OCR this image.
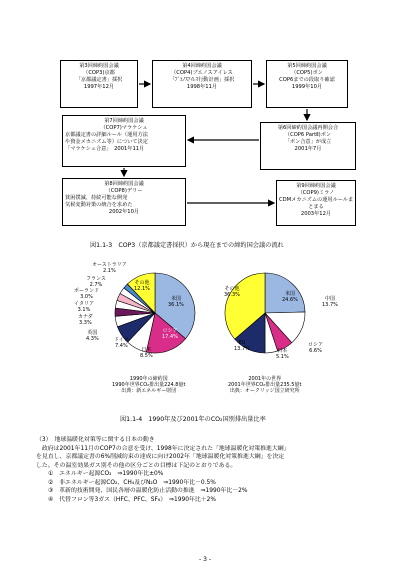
第3回締約国会議
（COP3)京都
「京都議定書」採択
1997年12月
第4回締約国会議
（COP4)ブエノスアイレス
「ﾌﾞｴﾉｽｱｲﾚｽ行動計画」採択
1998年11月
第5回締約国会議
（COP5)ボン
COP6までの段取り確認
1999年10月
第6回締約国会議再開会合
（COP6 PartⅡ)ボン
「ボン合意」が成立
2001年7月
第7回締約国会議
（COP7)マラケシュ
京都議定書の詳細ルール（運用方法
や資金メカニズム等）について決定
「マラケシュ合意」　2001年11月
第8回締約国会議
（COP8)デリー
貧困撲滅、持続可能な開発
気候変動対策の統合を求めた
2002年10月
第9回締約国会議
（COP9)ミラノ
CDMメカニズムの運用ルールま
とまる
2003年12月
図1.1-3　COP3（京都議定書採択）から現在までの締約国会議の流れ
オーストラリア
2.1%
フランス
2.7%
ポーランド
3.0%
イタリア
3.1%
カナダ
3.3%
英国
4.3%	ドイツ
7.4%
日本
8.5%
ロシア
17.4%
米国
36.1%
その他
12.1%	その他
36.3%	米国
24.6%	中国
13.7%
ロシア
6.6%
日本
5.1%
EU
13.7%
1990年の締約国
1990年世界CO₂排出量224.8億t
出典：新エネルギー財団
2001年の世界
2001年世界CO₂排出量235.5億t
出典：オークリッジ国立研究所
図1.1-4　1990年及び2001年のCO₂国別排出量比率
（3）　地球温暖化対策等に関する日本の動き
　政府は2001年11月のCOP7の合意を受け、1998年に決定された「地球温暖化対策推進大綱」
を見直し、京都議定書の6%削減約束の達成に向け2002年「地球温暖化対策推進大綱」を決定
した。その温室効果ガス別その他の区分ごとの目標は下記のとおりである。
①　エネルギー起源CO₂　⇒1990年比±0%
②　非エネルギー起源CO₂、CH₄及びN₂O　⇒1990年比－0.5%
③　革新的技術開発、国民各層の温暖化防止活動の推進　⇒1990年比－2%
④　代替フロン等3ガス（HFC、PFC、SF₆）　⇒1990年比＋2%
- 3 -
